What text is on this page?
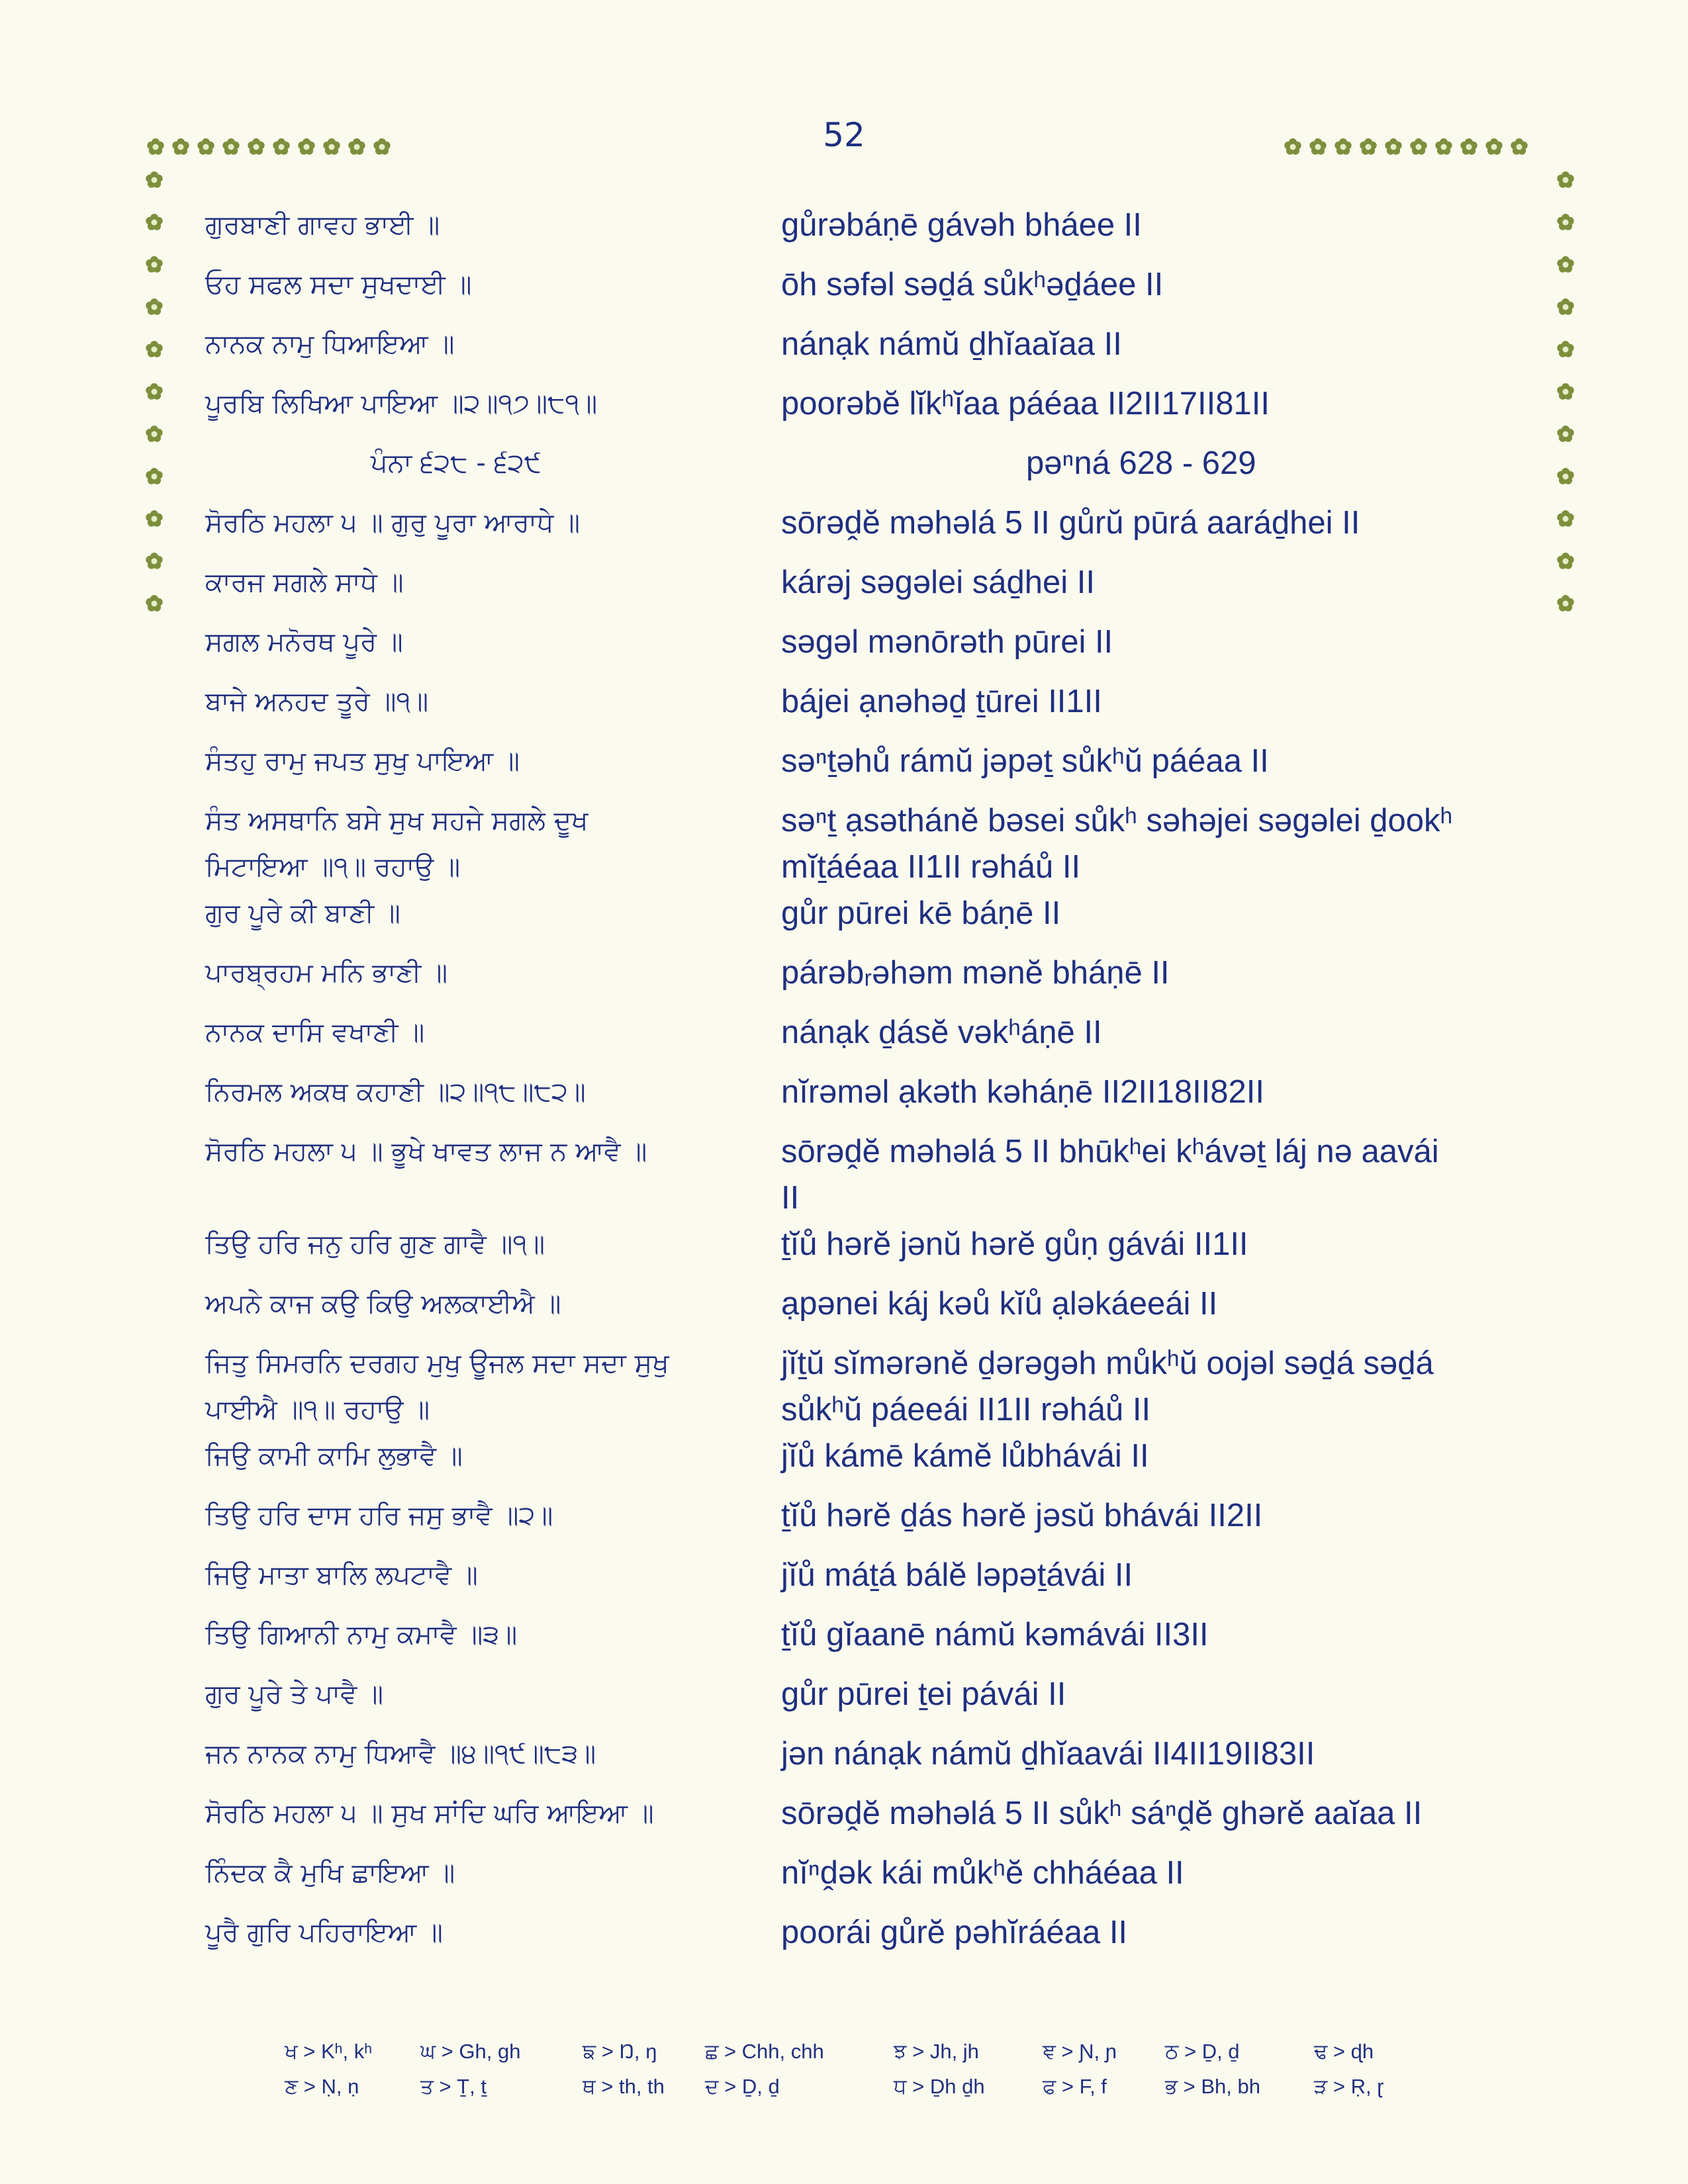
52
ਗੁਰਬਾਣੀ ਗਾਵਹ ਭਾਈ ॥	gůrəbáṇē gávəh bháee II
ਓਹ ਸਫਲ ਸਦਾ ਸੁਖਦਾਈ ॥	ōh səfəl səḏá sůkʰəḏáee II
ਨਾਨਕ ਨਾਮੁ ਧਿਆਇਆ ॥	nánạk námŭ ḏhĭaaĭaa II
ਪੂਰਬਿ ਲਿਖਿਆ ਪਾਇਆ ॥੨॥੧੭॥੮੧॥	poorəbĕ lĭkʰĭaa páéaa II2II17II81II
ਪੰਨਾ ੬੨੮ - ੬੨੯	pəⁿná 628 - 629
ਸੋਰਠਿ ਮਹਲਾ ੫ ॥ ਗੁਰੁ ਪੂਰਾ ਆਰਾਧੇ ॥	sōrəḓĕ məhəlá 5 II gůrŭ pūrá aaráḏhei II
ਕਾਰਜ ਸਗਲੇ ਸਾਧੇ ॥	kárəj səgəlei sáḏhei II
ਸਗਲ ਮਨੋਰਥ ਪੂਰੇ ॥	səgəl mənōrəth pūrei II
ਬਾਜੇ ਅਨਹਦ ਤੂਰੇ ॥੧॥	bájei ạnəhəḏ ṯūrei II1II
ਸੰਤਹੁ ਰਾਮੁ ਜਪਤ ਸੁਖੁ ਪਾਇਆ ॥	səⁿṯəhů rámŭ jəpəṯ sůkʰŭ páéaa II
ਸੰਤ ਅਸਥਾਨਿ ਬਸੇ ਸੁਖ ਸਹਜੇ ਸਗਲੇ ਦੂਖ	səⁿṯ ạsəthánĕ bəsei sůkʰ səhəjei səgəlei ḏookʰ
ਮਿਟਾਇਆ ॥੧॥ ਰਹਾਉ ॥	mĭṯáéaa II1II rəháů II
ਗੁਰ ਪੂਰੇ ਕੀ ਬਾਣੀ ॥	gůr pūrei kē báṇē II
ਪਾਰਬ੍ਰਹਮ ਮਨਿ ਭਾਣੀ ॥	párəbᵣəhəm mənĕ bháṇē II
ਨਾਨਕ ਦਾਸਿ ਵਖਾਣੀ ॥	nánạk ḏásĕ vəkʰáṇē II
ਨਿਰਮਲ ਅਕਥ ਕਹਾਣੀ ॥੨॥੧੮॥੮੨॥	nĭrəməl ạkəth kəháṇē II2II18II82II
ਸੋਰਠਿ ਮਹਲਾ ੫ ॥ ਭੂਖੇ ਖਾਵਤ ਲਾਜ ਨ ਆਵੈ ॥	sōrəḓĕ məhəlá 5 II bhūkʰei kʰávəṯ láj nə aavái
II
ਤਿਉ ਹਰਿ ਜਨੁ ਹਰਿ ਗੁਣ ਗਾਵੈ ॥੧॥	ṯĭů hərĕ jənŭ hərĕ gůṇ gávái II1II
ਅਪਨੇ ਕਾਜ ਕਉ ਕਿਉ ਅਲਕਾਈਐ ॥	ạpənei káj kəů kĭů ạləkáeeái II
ਜਿਤੁ ਸਿਮਰਨਿ ਦਰਗਹ ਮੁਖੁ ਊਜਲ ਸਦਾ ਸਦਾ ਸੁਖੁ	jĭṯŭ sĭmərənĕ ḏərəgəh můkʰŭ oojəl səḏá səḏá
ਪਾਈਐ ॥੧॥ ਰਹਾਉ ॥	sůkʰŭ páeeái II1II rəháů II
ਜਿਉ ਕਾਮੀ ਕਾਮਿ ਲੁਭਾਵੈ ॥	jĭů kámē kámĕ lůbhávái II
ਤਿਉ ਹਰਿ ਦਾਸ ਹਰਿ ਜਸੁ ਭਾਵੈ ॥੨॥	ṯĭů hərĕ ḏás hərĕ jəsŭ bhávái II2II
ਜਿਉ ਮਾਤਾ ਬਾਲਿ ਲਪਟਾਵੈ ॥	jĭů máṯá bálĕ ləpəṯávái II
ਤਿਉ ਗਿਆਨੀ ਨਾਮੁ ਕਮਾਵੈ ॥੩॥	ṯĭů gĭaanē námŭ kəmávái II3II
ਗੁਰ ਪੂਰੇ ਤੇ ਪਾਵੈ ॥	gůr pūrei ṯei pávái II
ਜਨ ਨਾਨਕ ਨਾਮੁ ਧਿਆਵੈ ॥੪॥੧੯॥੮੩॥	jən nánạk námŭ ḏhĭaavái II4II19II83II
ਸੋਰਠਿ ਮਹਲਾ ੫ ॥ ਸੁਖ ਸਾਂਦਿ ਘਰਿ ਆਇਆ ॥	sōrəḓĕ məhəlá 5 II sůkʰ sáⁿḓĕ ghərĕ aaĭaa II
ਨਿੰਦਕ ਕੈ ਮੁਖਿ ਛਾਇਆ ॥	nĭⁿḓək kái můkʰĕ chháéaa II
ਪੂਰੈ ਗੁਰਿ ਪਹਿਰਾਇਆ ॥	poorái gůrĕ pəhĭráéaa II
ਖ > Kʰ, kʰ ਘ > Gh, gh	ਙ > Ŋ, ŋ ਛ > Chh, chh	ਝ > Jh, jh	ਞ > Ɲ, ɲ ਠ > Ḏ, ḏ	ਢ > ɖh
ਣ > Ṇ, ṇ	ਤ > Ṯ, ṯ	ਥ > th, th ਦ > Ḏ, ḏ	ਧ > Ḏh ḏh	ਫ > F, f	ਭ > Bh, bh	ੜ > Ṛ, ɽ
